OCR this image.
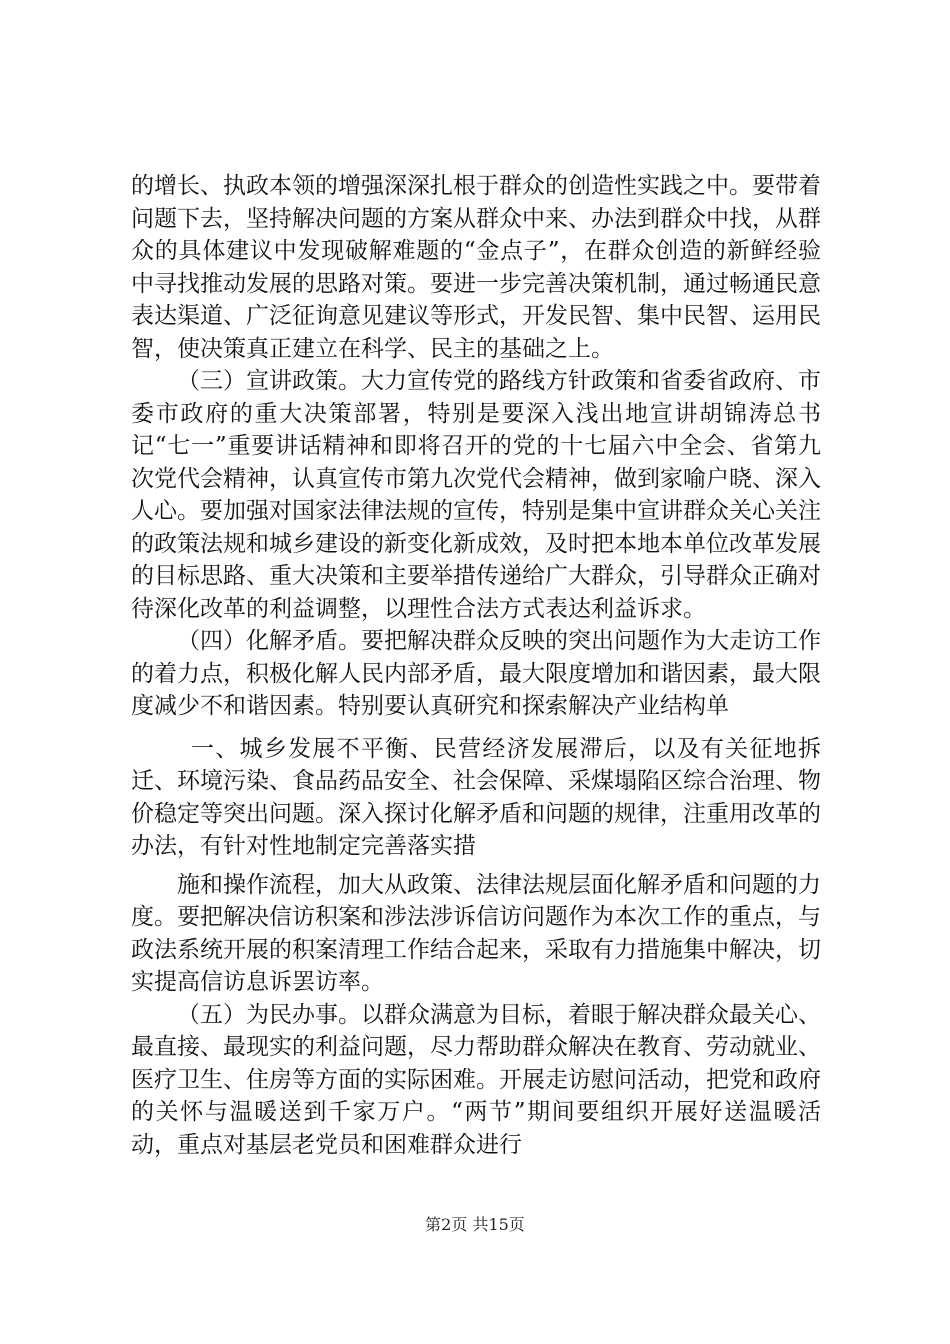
的增长、执政本领的增强深深扎根于群众的创造性实践之中。要带着问题下去，坚持解决问题的方案从群众中来、办法到群众中找，从群众的具体建议中发现破解难题的“金点子”，在群众创造的新鲜经验中寻找推动发展的思路对策。要进一步完善决策机制，通过畅通民意表达渠道、广泛征询意见建议等形式，开发民智、集中民智、运用民智，使决策真正建立在科学、民主的基础之上。

（三）宣讲政策。大力宣传党的路线方针政策和省委省政府、市委市政府的重大决策部署，特别是要深入浅出地宣讲胡锦涛总书记“七一”重要讲话精神和即将召开的党的十七届六中全会、省第九次党代会精神，认真宣传市第九次党代会精神，做到家喻户晓、深入人心。要加强对国家法律法规的宣传，特别是集中宣讲群众关心关注的政策法规和城乡建设的新变化新成效，及时把本地本单位改革发展的目标思路、重大决策和主要举措传递给广大群众，引导群众正确对待深化改革的利益调整，以理性合法方式表达利益诉求。

（四）化解矛盾。要把解决群众反映的突出问题作为大走访工作的着力点，积极化解人民内部矛盾，最大限度增加和谐因素，最大限度减少不和谐因素。特别要认真研究和探索解决产业结构单

一、城乡发展不平衡、民营经济发展滞后，以及有关征地拆迁、环境污染、食品药品安全、社会保障、采煤塌陷区综合治理、物价稳定等突出问题。深入探讨化解矛盾和问题的规律，注重用改革的办法，有针对性地制定完善落实措

施和操作流程，加大从政策、法律法规层面化解矛盾和问题的力度。要把解决信访积案和涉法涉诉信访问题作为本次工作的重点，与政法系统开展的积案清理工作结合起来，采取有力措施集中解决，切实提高信访息诉罢访率。

（五）为民办事。以群众满意为目标，着眼于解决群众最关心、最直接、最现实的利益问题，尽力帮助群众解决在教育、劳动就业、医疗卫生、住房等方面的实际困难。开展走访慰问活动，把党和政府的关怀与温暖送到千家万户。“两节”期间要组织开展好送温暖活动，重点对基层老党员和困难群众进行

第2页 共15页
